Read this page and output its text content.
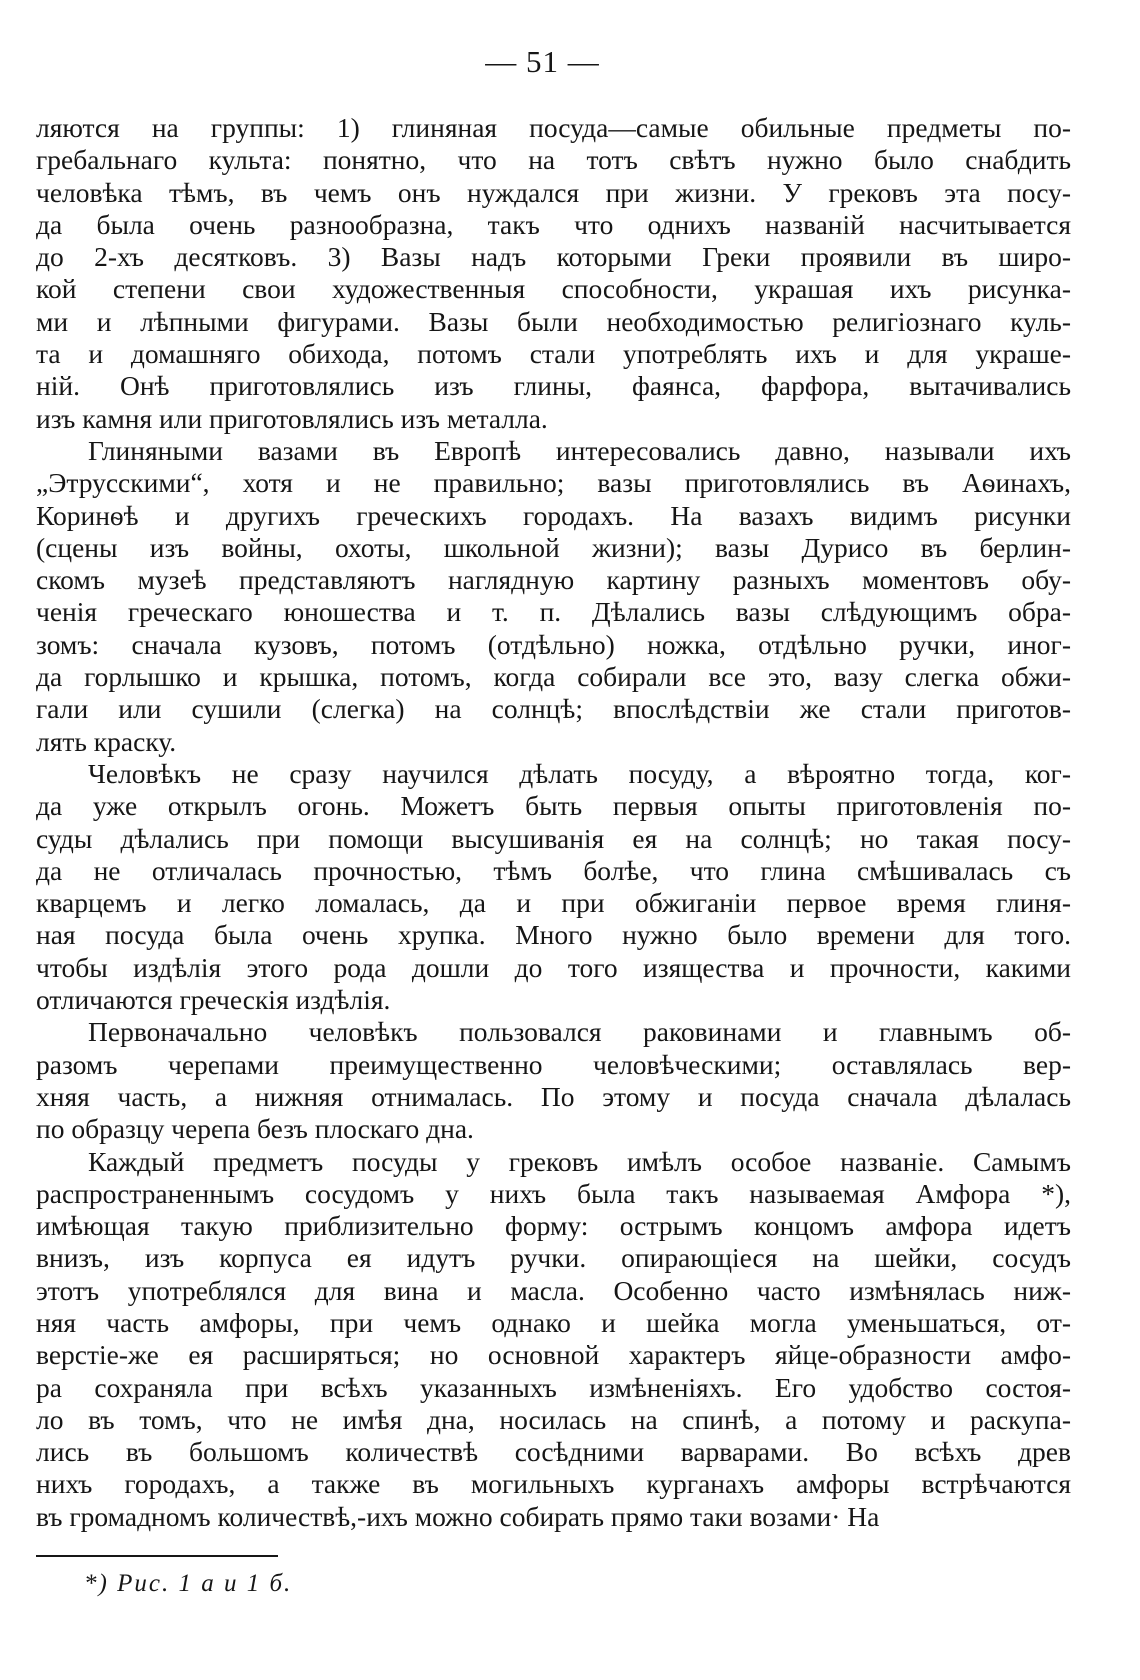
— 51 —
ляются на группы: 1) глиняная посуда—самые обильные предметы по-
гребальнаго культа: понятно, что на тотъ свѣтъ нужно было снабдить
человѣка тѣмъ, въ чемъ онъ нуждался при жизни. У грековъ эта посу-
да была очень разнообразна, такъ что однихъ названій насчитывается
до 2-хъ десятковъ. 3) Вазы надъ которыми Греки проявили въ широ-
кой степени свои художественныя способности, украшая ихъ рисунка-
ми и лѣпными фигурами. Вазы были необходимостью религіознаго куль-
та и домашняго обихода, потомъ стали употреблять ихъ и для украше-
ній. Онѣ приготовлялись изъ глины, фаянса, фарфора, вытачивались
изъ камня или приготовлялись изъ металла.
Глиняными вазами въ Европѣ интересовались давно, называли ихъ
„Этрусскими“, хотя и не правильно; вазы приготовлялись въ Аѳинахъ,
Коринѳѣ и другихъ греческихъ городахъ. На вазахъ видимъ рисунки
(сцены изъ войны, охоты, школьной жизни); вазы Дурисо въ берлин-
скомъ музеѣ представляютъ наглядную картину разныхъ моментовъ обу-
ченія греческаго юношества и т. п. Дѣлались вазы слѣдующимъ обра-
зомъ: сначала кузовъ, потомъ (отдѣльно) ножка, отдѣльно ручки, иног-
да горлышко и крышка, потомъ, когда собирали все это, вазу слегка обжи-
гали или сушили (слегка) на солнцѣ; впослѣдствіи же стали приготов-
лять краску.
Человѣкъ не сразу научился дѣлать посуду, а вѣроятно тогда, ког-
да уже открылъ огонь. Можетъ быть первыя опыты приготовленія по-
суды дѣлались при помощи высушиванія ея на солнцѣ; но такая посу-
да не отличалась прочностью, тѣмъ болѣе, что глина смѣшивалась съ
кварцемъ и легко ломалась, да и при обжиганіи первое время глиня-
ная посуда была очень хрупка. Много нужно было времени для того.
чтобы издѣлія этого рода дошли до того изящества и прочности, какими
отличаются греческія издѣлія.
Первоначально человѣкъ пользовался раковинами и главнымъ об-
разомъ черепами преимущественно человѣческими; оставлялась вер-
хняя часть, а нижняя отнималась. По этому и посуда сначала дѣлалась
по образцу черепа безъ плоскаго дна.
Каждый предметъ посуды у грековъ имѣлъ особое названіе. Самымъ
распространеннымъ сосудомъ у нихъ была такъ называемая Амфора *),
имѣющая такую приблизительно форму: острымъ концомъ амфора идетъ
внизъ, изъ корпуса ея идутъ ручки. опирающіеся на шейки, сосудъ
этотъ употреблялся для вина и масла. Особенно часто измѣнялась ниж-
няя часть амфоры, при чемъ однако и шейка могла уменьшаться, от-
верстіе-же ея расширяться; но основной характеръ яйце-образности амфо-
ра сохраняла при всѣхъ указанныхъ измѣненіяхъ. Его удобство состоя-
ло въ томъ, что не имѣя дна, носилась на спинѣ, а потому и раскупа-
лись въ большомъ количествѣ сосѣдними варварами. Во всѣхъ древ
нихъ городахъ, а также въ могильныхъ курганахъ амфоры встрѣчаются
въ громадномъ количествѣ,-ихъ можно собирать прямо таки возами· На
*) Рис. 1 а и 1 б.
